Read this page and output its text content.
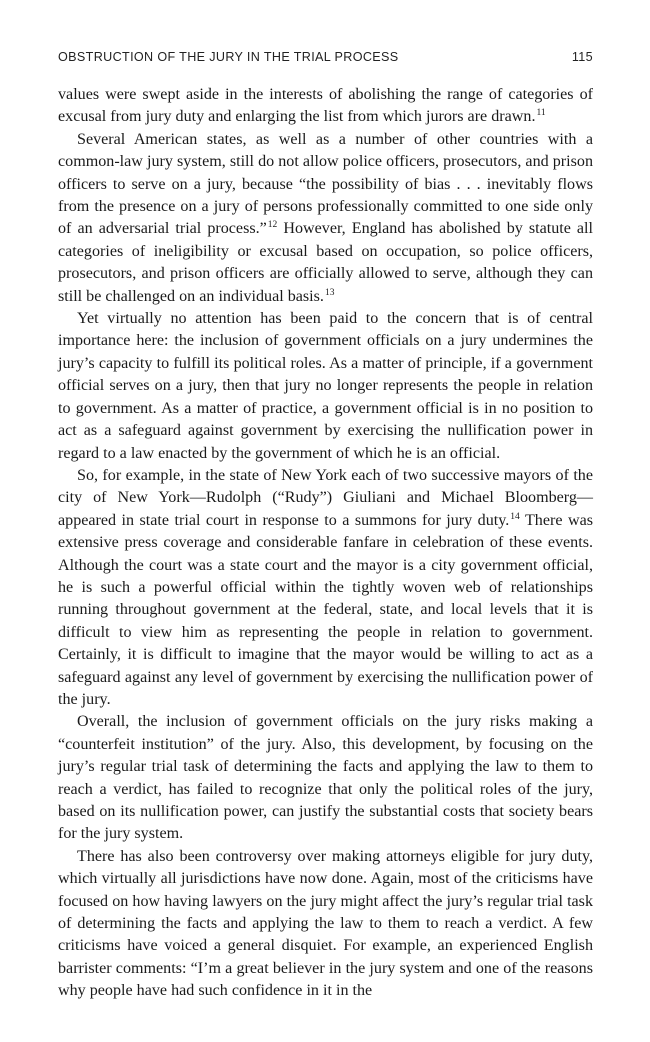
OBSTRUCTION OF THE JURY IN THE TRIAL PROCESS	115

values were swept aside in the interests of abolishing the range of categories of excusal from jury duty and enlarging the list from which jurors are drawn.$^{11}$

Several American states, as well as a number of other countries with a common-law jury system, still do not allow police officers, prosecutors, and prison officers to serve on a jury, because “the possibility of bias . . . inevitably flows from the presence on a jury of persons professionally committed to one side only of an adversarial trial process.”$^{12}$ However, England has abolished by statute all categories of ineligibility or excusal based on occupation, so police officers, prosecutors, and prison officers are officially allowed to serve, although they can still be challenged on an individual basis.$^{13}$

Yet virtually no attention has been paid to the concern that is of central importance here: the inclusion of government officials on a jury undermines the jury’s capacity to fulfill its political roles. As a matter of principle, if a government official serves on a jury, then that jury no longer represents the people in relation to government. As a matter of practice, a government official is in no position to act as a safeguard against government by exercising the nullification power in regard to a law enacted by the government of which he is an official.

So, for example, in the state of New York each of two successive mayors of the city of New York—Rudolph (“Rudy”) Giuliani and Michael Bloomberg—appeared in state trial court in response to a summons for jury duty.$^{14}$ There was extensive press coverage and considerable fanfare in celebration of these events. Although the court was a state court and the mayor is a city government official, he is such a powerful official within the tightly woven web of relationships running throughout government at the federal, state, and local levels that it is difficult to view him as representing the people in relation to government. Certainly, it is difficult to imagine that the mayor would be willing to act as a safeguard against any level of government by exercising the nullification power of the jury.

Overall, the inclusion of government officials on the jury risks making a “counterfeit institution” of the jury. Also, this development, by focusing on the jury’s regular trial task of determining the facts and applying the law to them to reach a verdict, has failed to recognize that only the political roles of the jury, based on its nullification power, can justify the substantial costs that society bears for the jury system.

There has also been controversy over making attorneys eligible for jury duty, which virtually all jurisdictions have now done. Again, most of the criticisms have focused on how having lawyers on the jury might affect the jury’s regular trial task of determining the facts and applying the law to them to reach a verdict. A few criticisms have voiced a general disquiet. For example, an experienced English barrister comments: “I’m a great believer in the jury system and one of the reasons why people have had such confidence in it in the
